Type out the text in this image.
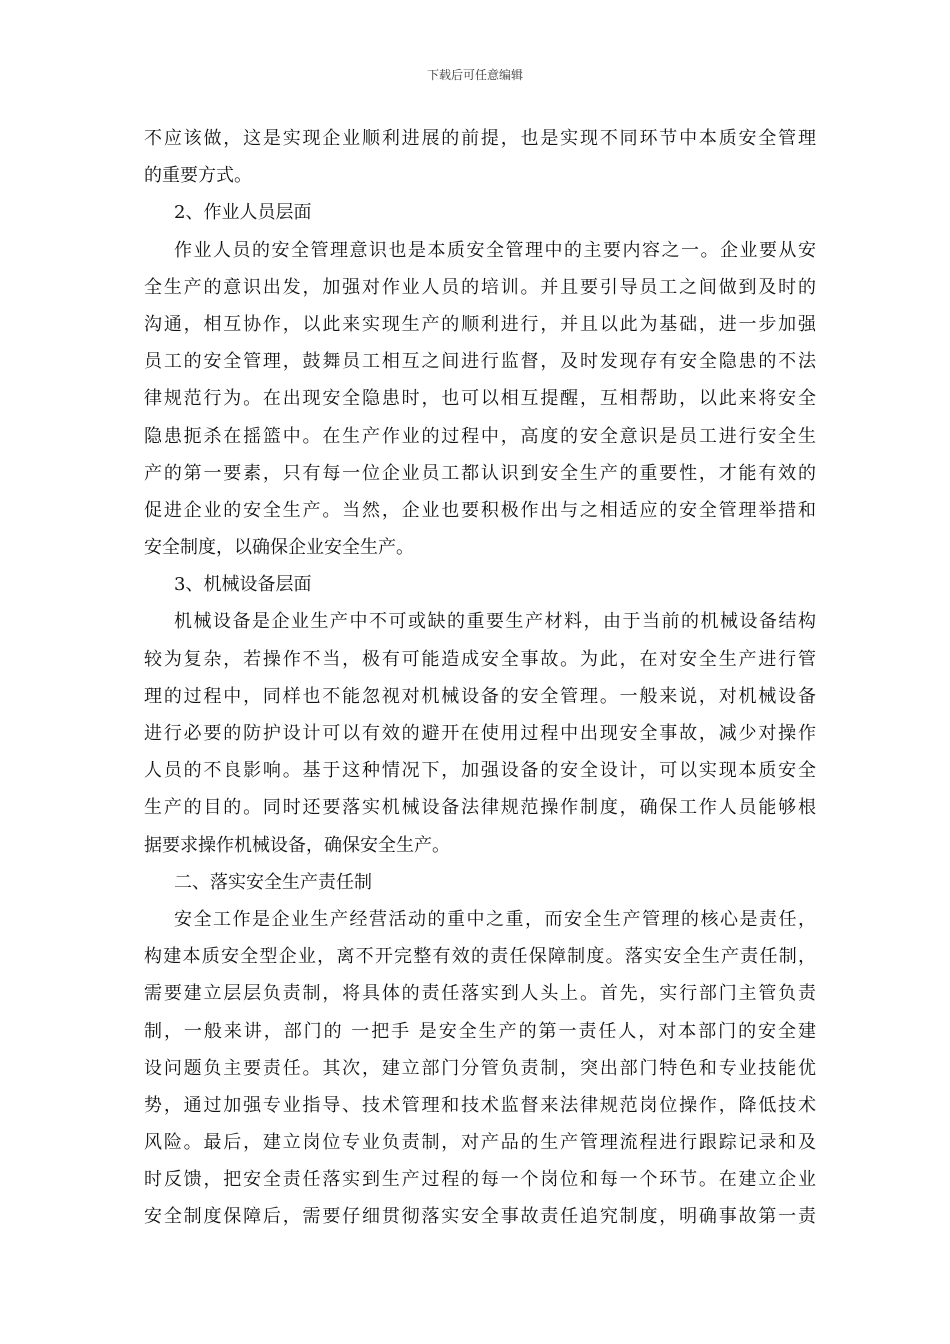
下载后可任意编辑
不应该做，这是实现企业顺利进展的前提，也是实现不同环节中本质安全管理
的重要方式。
2、作业人员层面
作业人员的安全管理意识也是本质安全管理中的主要内容之一。企业要从安
全生产的意识出发，加强对作业人员的培训。并且要引导员工之间做到及时的
沟通，相互协作，以此来实现生产的顺利进行，并且以此为基础，进一步加强
员工的安全管理，鼓舞员工相互之间进行监督，及时发现存有安全隐患的不法
律规范行为。在出现安全隐患时，也可以相互提醒，互相帮助，以此来将安全
隐患扼杀在摇篮中。在生产作业的过程中，高度的安全意识是员工进行安全生
产的第一要素，只有每一位企业员工都认识到安全生产的重要性，才能有效的
促进企业的安全生产。当然，企业也要积极作出与之相适应的安全管理举措和
安全制度，以确保企业安全生产。
3、机械设备层面
机械设备是企业生产中不可或缺的重要生产材料，由于当前的机械设备结构
较为复杂，若操作不当，极有可能造成安全事故。为此，在对安全生产进行管
理的过程中，同样也不能忽视对机械设备的安全管理。一般来说，对机械设备
进行必要的防护设计可以有效的避开在使用过程中出现安全事故，减少对操作
人员的不良影响。基于这种情况下，加强设备的安全设计，可以实现本质安全
生产的目的。同时还要落实机械设备法律规范操作制度，确保工作人员能够根
据要求操作机械设备，确保安全生产。
二、落实安全生产责任制
安全工作是企业生产经营活动的重中之重，而安全生产管理的核心是责任，
构建本质安全型企业，离不开完整有效的责任保障制度。落实安全生产责任制，
需要建立层层负责制，将具体的责任落实到人头上。首先，实行部门主管负责
制，一般来讲，部门的 一把手 是安全生产的第一责任人，对本部门的安全建
设问题负主要责任。其次，建立部门分管负责制，突出部门特色和专业技能优
势，通过加强专业指导、技术管理和技术监督来法律规范岗位操作，降低技术
风险。最后，建立岗位专业负责制，对产品的生产管理流程进行跟踪记录和及
时反馈，把安全责任落实到生产过程的每一个岗位和每一个环节。在建立企业
安全制度保障后，需要仔细贯彻落实安全事故责任追究制度，明确事故第一责
